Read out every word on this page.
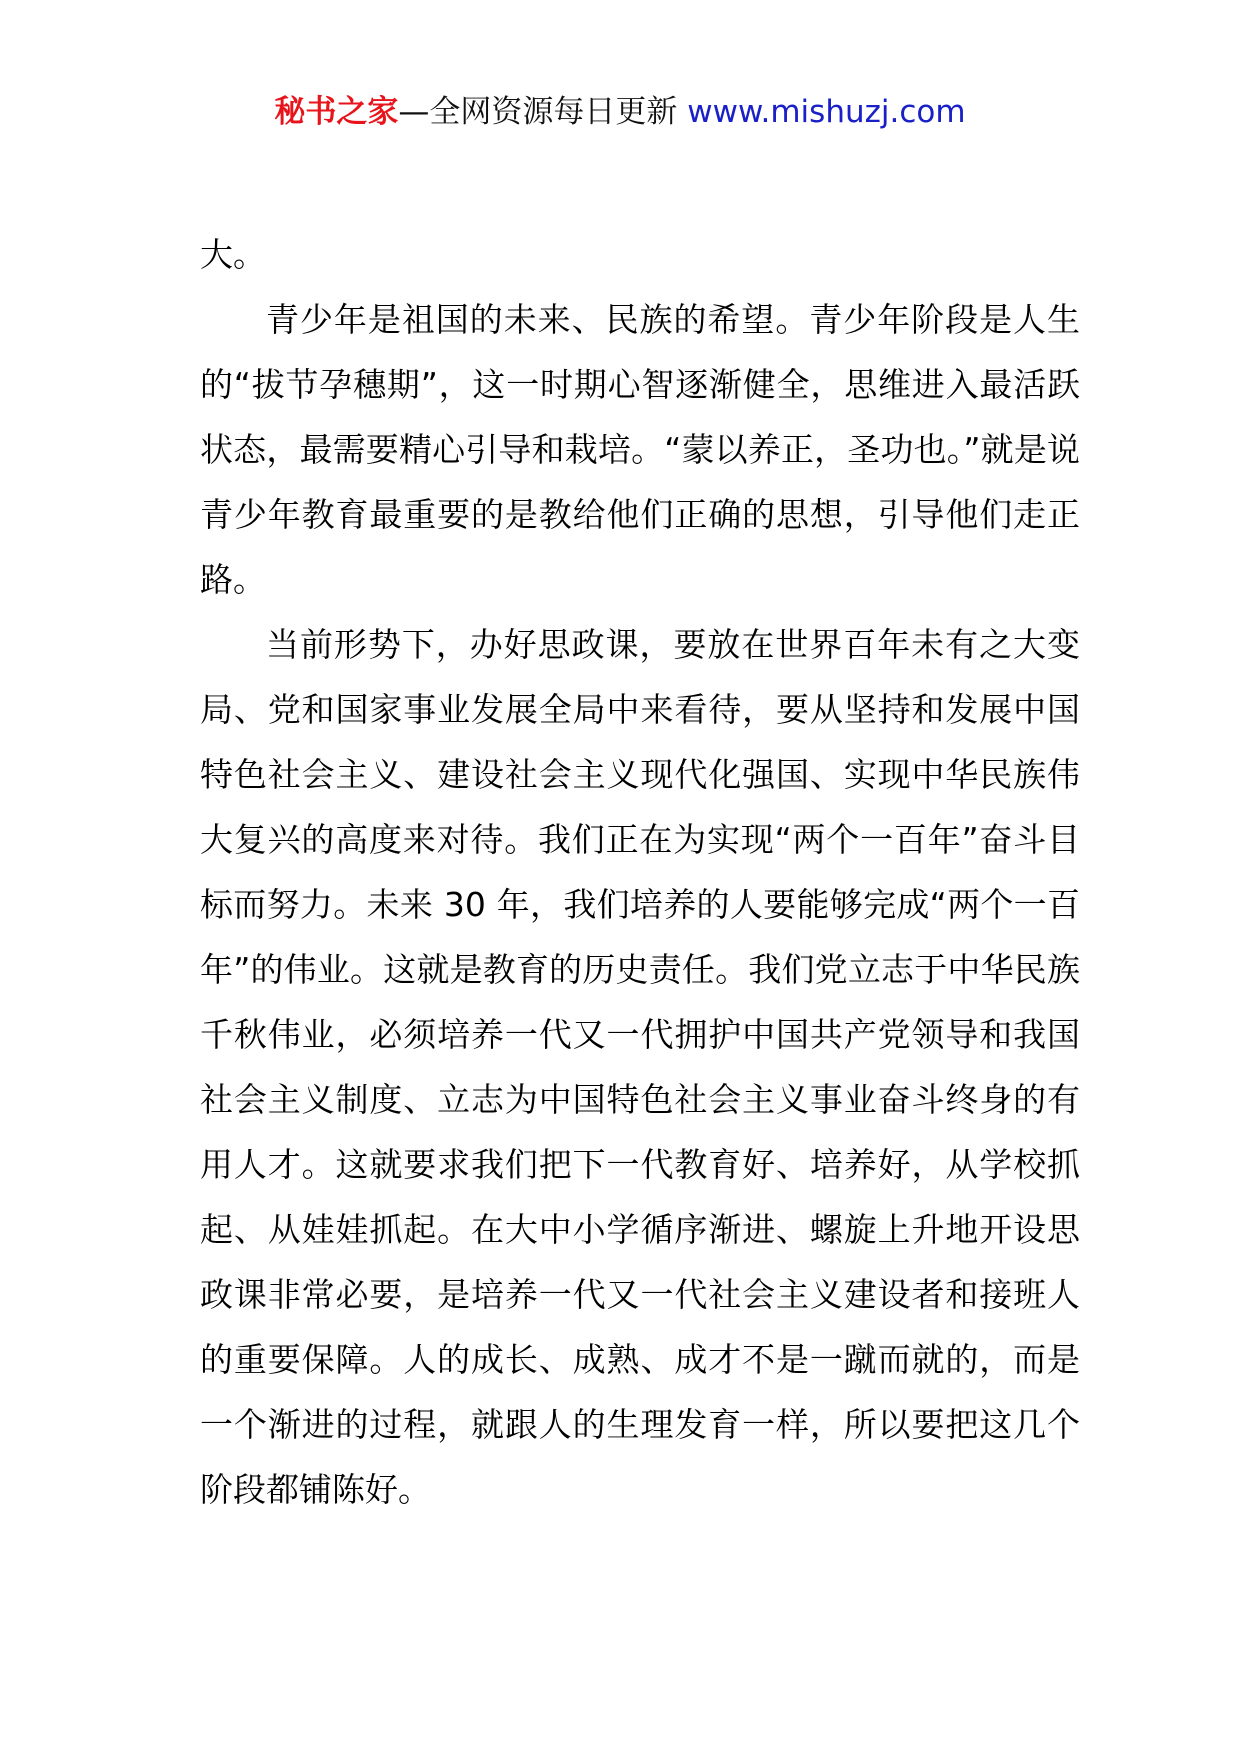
秘书之家—全网资源每日更新 www.mishuzj.com

大。

青少年是祖国的未来、民族的希望。青少年阶段是人生的“拔节孕穗期”，这一时期心智逐渐健全，思维进入最活跃状态，最需要精心引导和栽培。“蒙以养正，圣功也。”就是说青少年教育最重要的是教给他们正确的思想，引导他们走正路。

当前形势下，办好思政课，要放在世界百年未有之大变局、党和国家事业发展全局中来看待，要从坚持和发展中国特色社会主义、建设社会主义现代化强国、实现中华民族伟大复兴的高度来对待。我们正在为实现“两个一百年”奋斗目标而努力。未来 30 年，我们培养的人要能够完成“两个一百年”的伟业。这就是教育的历史责任。我们党立志于中华民族千秋伟业，必须培养一代又一代拥护中国共产党领导和我国社会主义制度、立志为中国特色社会主义事业奋斗终身的有用人才。这就要求我们把下一代教育好、培养好，从学校抓起、从娃娃抓起。在大中小学循序渐进、螺旋上升地开设思政课非常必要，是培养一代又一代社会主义建设者和接班人的重要保障。人的成长、成熟、成才不是一蹴而就的，而是一个渐进的过程，就跟人的生理发育一样，所以要把这几个阶段都铺陈好。
